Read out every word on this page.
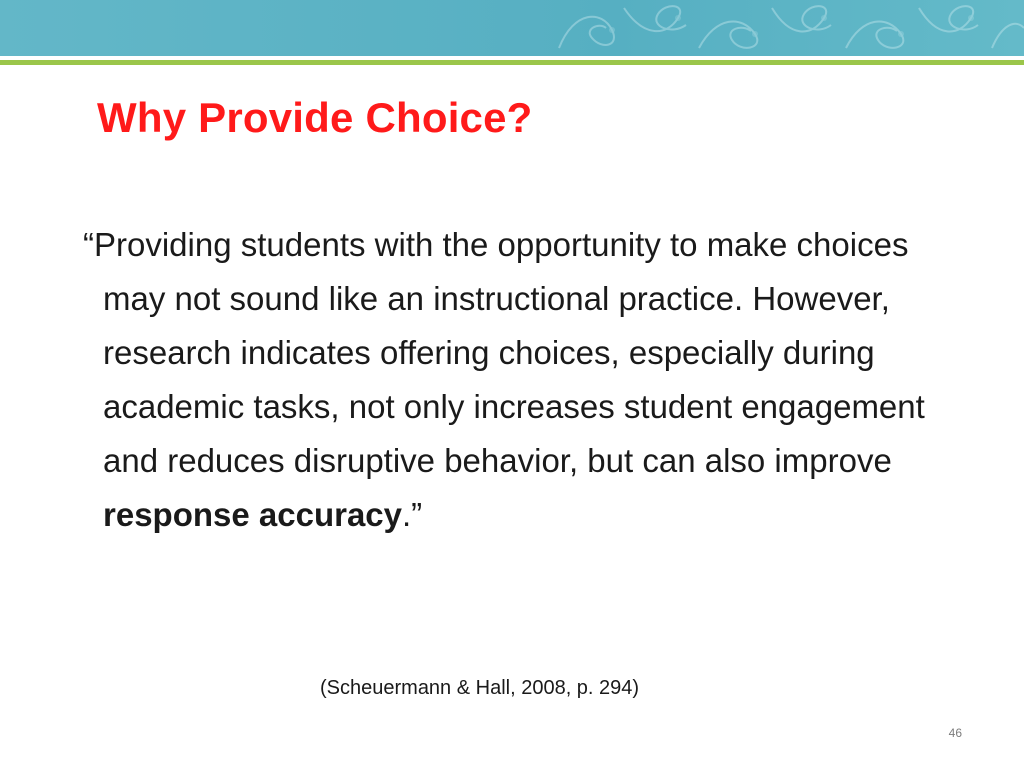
Why Provide Choice?

“Providing students with the opportunity to make choices may not sound like an instructional practice. However, research indicates offering choices, especially during academic tasks, not only increases student engagement and reduces disruptive behavior, but can also improve response accuracy.”

(Scheuermann & Hall, 2008, p. 294)

46
